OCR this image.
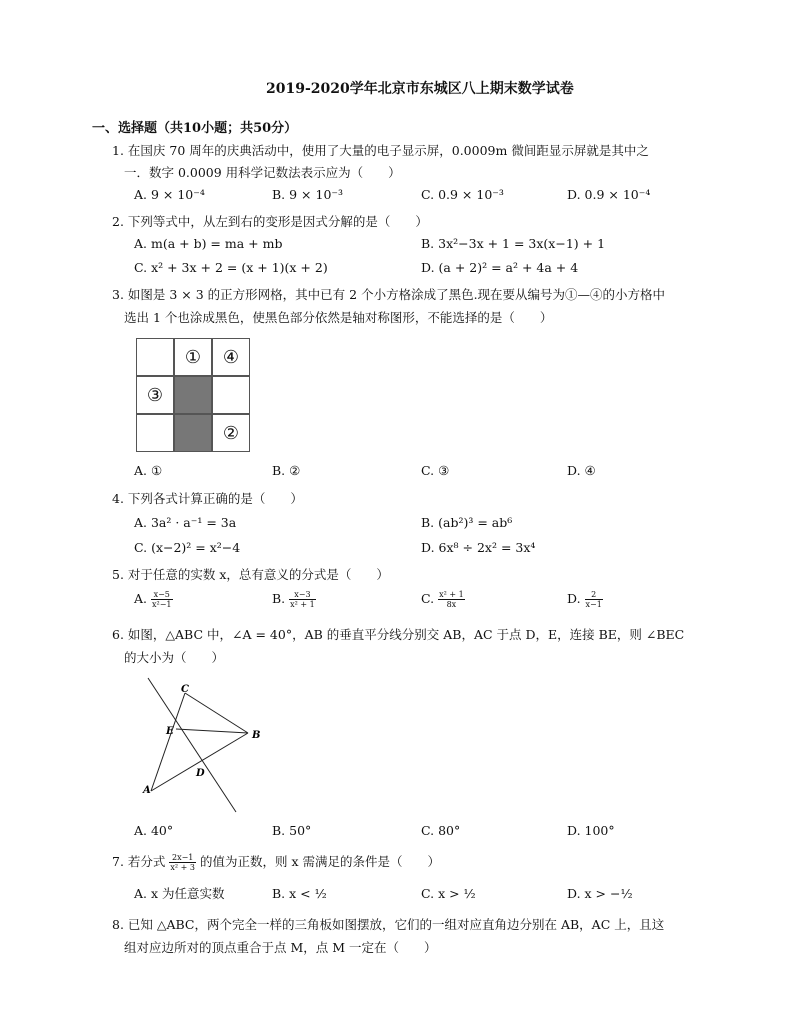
2019-2020学年北京市东城区八上期末数学试卷
一、选择题（共10小题；共50分）
1. 在国庆 70 周年的庆典活动中，使用了大量的电子显示屏，0.0009m 微间距显示屏就是其中之
一．数字 0.0009 用科学记数法表示应为（　　）
A. 9 × 10⁻⁴	B. 9 × 10⁻³	C. 0.9 × 10⁻³	D. 0.9 × 10⁻⁴
2. 下列等式中，从左到右的变形是因式分解的是（　　）
A. m(a + b) = ma + mb	B. 3x²−3x + 1 = 3x(x−1) + 1
C. x² + 3x + 2 = (x + 1)(x + 2)	D. (a + 2)² = a² + 4a + 4
3. 如图是 3 × 3 的正方形网格，其中已有 2 个小方格涂成了黑色.现在要从编号为①—④的小方格中
选出 1 个也涂成黑色，使黑色部分依然是轴对称图形，不能选择的是（　　）
①	④
③
②
A. ①	B. ②	C. ③	D. ④
4. 下列各式计算正确的是（　　）
A. 3a² · a⁻¹ = 3a	B. (ab²)³ = ab⁶
C. (x−2)² = x²−4	D. 6x⁸ ÷ 2x² = 3x⁴
5. 对于任意的实数 x，总有意义的分式是（　　）
A. $\frac{x-5}{\text{x²−1}}$	B. $\frac{x-3}{\text{x² + 1}}$	C. $\frac{\text{x² + 1}}{8x}$	D. $\frac{2}{x-1}$
6. 如图，△ABC 中，∠A = 40°，AB 的垂直平分线分别交 AB，AC 于点 D，E，连接 BE，则 ∠BEC
的大小为（　　）
C
E	B
D
A
A. 40°	B. 50°	C. 80°	D. 100°
7. 若分式 $\frac{2x-1}{\text{x² + 3}}$ 的值为正数，则 x 需满足的条件是（　　）
A. x 为任意实数	B. x < ½	C. x > ½	D. x > −½
8. 已知 △ABC，两个完全一样的三角板如图摆放，它们的一组对应直角边分别在 AB，AC 上，且这
组对应边所对的顶点重合于点 M，点 M 一定在（　　）
